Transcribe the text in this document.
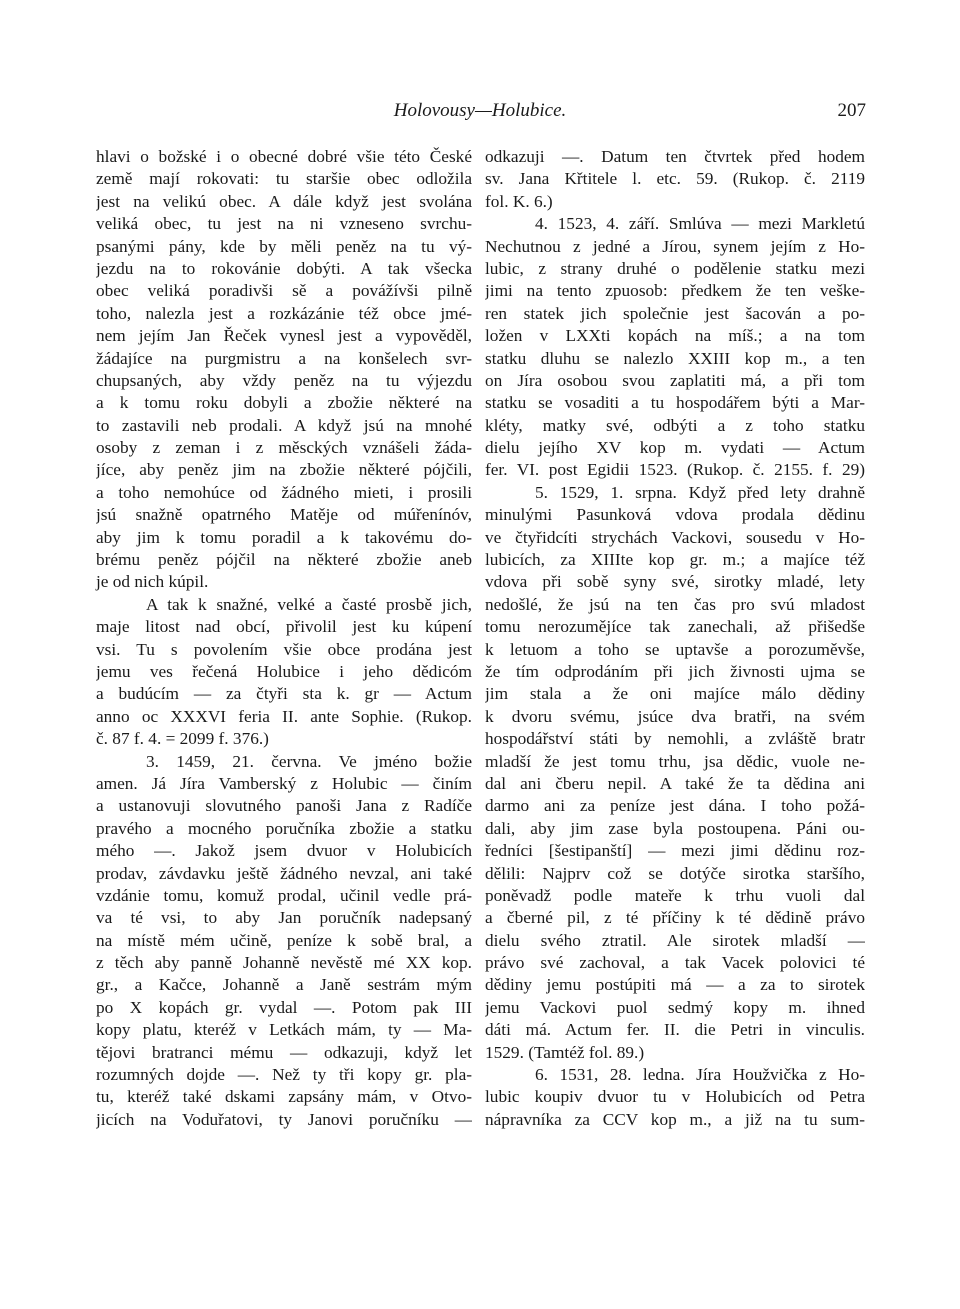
Holovousy—Holubice.	207
hlavi o božské i o obecné dobré všie této České
země mají rokovati: tu staršie obec odložila
jest na velikú obec. A dále když jest svolána
veliká obec, tu jest na ni vzneseno svrchu-
psanými pány, kde by měli peněz na tu vý-
jezdu na to rokovánie dobýti. A tak všecka
obec veliká poradivši sě a povážívši pilně
toho, nalezla jest a rozkázánie též obce jmé-
nem jejím Jan Řeček vynesl jest a vypověděl,
žádajíce na purgmistru a na konšelech svr-
chupsaných, aby vždy peněz na tu výjezdu
a k tomu roku dobyli a zbožie některé na
to zastavili neb prodali. A když jsú na mnohé
osoby z zeman i z měsckých vznášeli žáda-
jíce, aby peněz jim na zbožie některé pójčili,
a toho nemohúce od žádného mieti, i prosili
jsú snažně opatrného Matěje od múřenínóv,
aby jim k tomu poradil a k takovému do-
brému peněz pójčil na některé zbožie aneb
je od nich kúpil.
A tak k snažné, velké a časté prosbě jich,
maje litost nad obcí, přivolil jest ku kúpení
vsi. Tu s povolením všie obce prodána jest
jemu ves řečená Holubice i jeho dědicóm
a budúcím — za čtyři sta k. gr — Actum
anno oc XXXVI feria II. ante Sophie. (Rukop.
č. 87 f. 4. = 2099 f. 376.)
3. 1459, 21. června. Ve jméno božie
amen. Já Jíra Vamberský z Holubic — činím
a ustanovuji slovutného panoši Jana z Radíče
pravého a mocného poručníka zbožie a statku
mého —. Jakož jsem dvuor v Holubicích
prodav, závdavku ještě žádného nevzal, ani také
vzdánie tomu, komuž prodal, učinil vedle prá-
va té vsi, to aby Jan poručník nadepsaný
na místě mém učině, peníze k sobě bral, a
z těch aby panně Johanně nevěstě mé XX kop.
gr., a Kačce, Johanně a Janě sestrám mým
po X kopách gr. vydal —. Potom pak III
kopy platu, kteréž v Letkách mám, ty — Ma-
tějovi bratranci mému — odkazuji, když let
rozumných dojde —. Než ty tři kopy gr. pla-
tu, kteréž také dskami zapsány mám, v Otvo-
jicích na Voduřatovi, ty Janovi poručníku —
odkazuji —. Datum ten čtvrtek před hodem
sv. Jana Křtitele l. etc. 59. (Rukop. č. 2119
fol. K. 6.)
4. 1523, 4. září. Smlúva — mezi Markletú
Nechutnou z jedné a Jírou, synem jejím z Ho-
lubic, z strany druhé o podělenie statku mezi
jimi na tento zpuosob: předkem že ten veške-
ren statek jich společnie jest šacován a po-
ložen v LXXti kopách na míš.; a na tom
statku dluhu se nalezlo XXIII kop m., a ten
on Jíra osobou svou zaplatiti má, a při tom
statku se vosaditi a tu hospodářem býti a Mar-
kléty, matky své, odbýti a z toho statku
dielu jejího XV kop m. vydati — Actum
fer. VI. post Egidii 1523. (Rukop. č. 2155. f. 29)
5. 1529, 1. srpna. Když před lety drahně
minulými Pasunková vdova prodala dědinu
ve čtyřidcíti strychách Vackovi, sousedu v Ho-
lubicích, za XIIIte kop gr. m.; a majíce též
vdova při sobě syny své, sirotky mladé, lety
nedošlé, že jsú na ten čas pro svú mladost
tomu nerozumějíce tak zanechali, až přišedše
k letuom a toho se uptavše a porozuměvše,
že tím odprodáním při jich živnosti ujma se
jim stala a že oni majíce málo dědiny
k dvoru svému, jsúce dva bratři, na svém
hospodářství státi by nemohli, a zvláště bratr
mladší že jest tomu trhu, jsa dědic, vuole ne-
dal ani čberu nepil. A také že ta dědina ani
darmo ani za peníze jest dána. I toho požá-
dali, aby jim zase byla postoupena. Páni ou-
ředníci [šestipanští] — mezi jimi dědinu roz-
dělili: Najprv což se dotýče sirotka staršího,
poněvadž podle mateře k trhu vuoli dal
a čberné pil, z té příčiny k té dědině právo
dielu svého ztratil. Ale sirotek mladší —
právo své zachoval, a tak Vacek polovici té
dědiny jemu postúpiti má — a za to sirotek
jemu Vackovi puol sedmý kopy m. ihned
dáti má. Actum fer. II. die Petri in vinculis.
1529. (Tamtéž fol. 89.)
6. 1531, 28. ledna. Jíra Houžvička z Ho-
lubic koupiv dvuor tu v Holubicích od Petra
nápravníka za CCV kop m., a již na tu sum-
